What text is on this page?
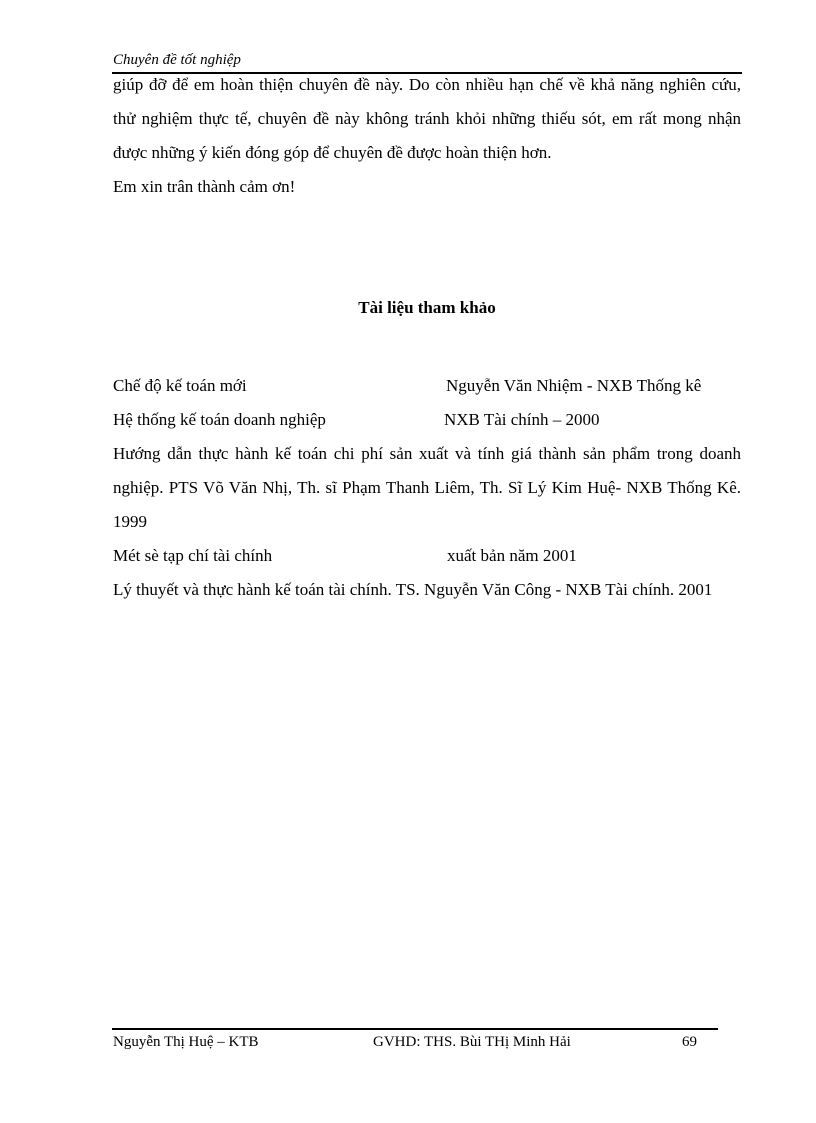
Chuyên đề tốt nghiệp
giúp đỡ để em hoàn thiện chuyên đề này. Do còn nhiều hạn chế về khả năng nghiên cứu, thử nghiệm thực tế, chuyên đề này không tránh khỏi những thiếu sót, em rất mong nhận được những ý kiến đóng góp để chuyên đề được hoàn thiện hơn.
Em xin trân thành cảm ơn!
Tài liệu tham khảo
Chế độ kế toán mới	Nguyễn Văn Nhiệm - NXB Thống kê
Hệ thống kế toán doanh nghiệp	NXB Tài chính – 2000
Hướng dẫn thực hành kế toán chi phí sản xuất và tính giá thành sản phẩm trong doanh nghiệp. PTS Võ Văn Nhị, Th. sĩ Phạm Thanh Liêm, Th. Sĩ Lý Kim Huệ- NXB Thống Kê. 1999
Mét sè tạp chí tài chính	xuất bản năm 2001
Lý thuyết và thực hành kế toán tài chính. TS. Nguyễn Văn Công - NXB Tài chính. 2001
Nguyễn Thị Huệ – KTB	GVHD: THS. Bùi THị Minh Hải	69
